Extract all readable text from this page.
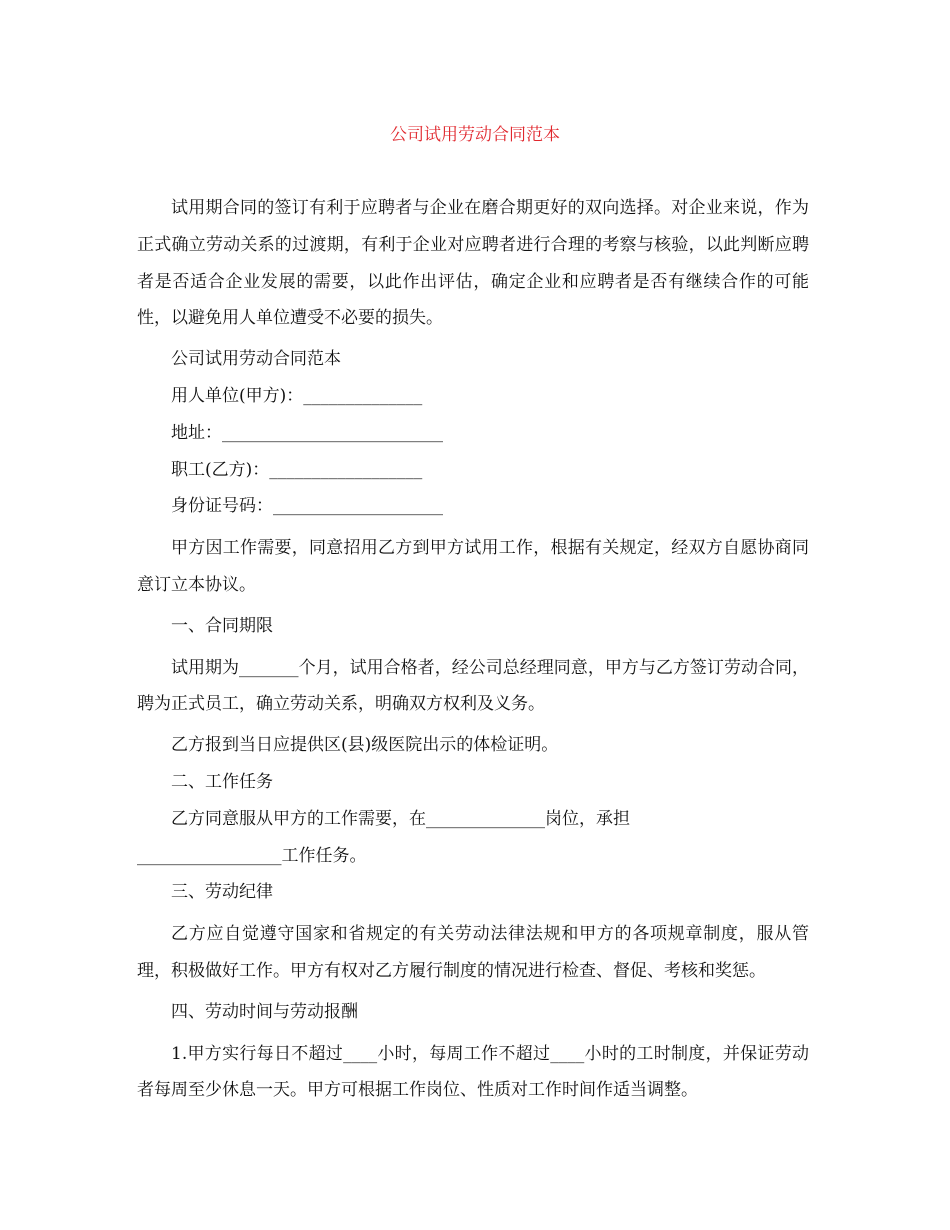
公司试用劳动合同范本

试用期合同的签订有利于应聘者与企业在磨合期更好的双向选择。对企业来说，作为正式确立劳动关系的过渡期，有利于企业对应聘者进行合理的考察与核验，以此判断应聘者是否适合企业发展的需要，以此作出评估，确定企业和应聘者是否有继续合作的可能性，以避免用人单位遭受不必要的损失。

公司试用劳动合同范本

用人单位(甲方)：______________

地址：__________________________

职工(乙方)：__________________

身份证号码：____________________

甲方因工作需要，同意招用乙方到甲方试用工作，根据有关规定，经双方自愿协商同意订立本协议。

一、合同期限

试用期为_______个月，试用合格者，经公司总经理同意，甲方与乙方签订劳动合同，聘为正式员工，确立劳动关系，明确双方权利及义务。

乙方报到当日应提供区(县)级医院出示的体检证明。

二、工作任务

乙方同意服从甲方的工作需要，在______________岗位，承担

_________________工作任务。

三、劳动纪律

乙方应自觉遵守国家和省规定的有关劳动法律法规和甲方的各项规章制度，服从管理，积极做好工作。甲方有权对乙方履行制度的情况进行检查、督促、考核和奖惩。

四、劳动时间与劳动报酬

1.甲方实行每日不超过____小时，每周工作不超过____小时的工时制度，并保证劳动者每周至少休息一天。甲方可根据工作岗位、性质对工作时间作适当调整。
